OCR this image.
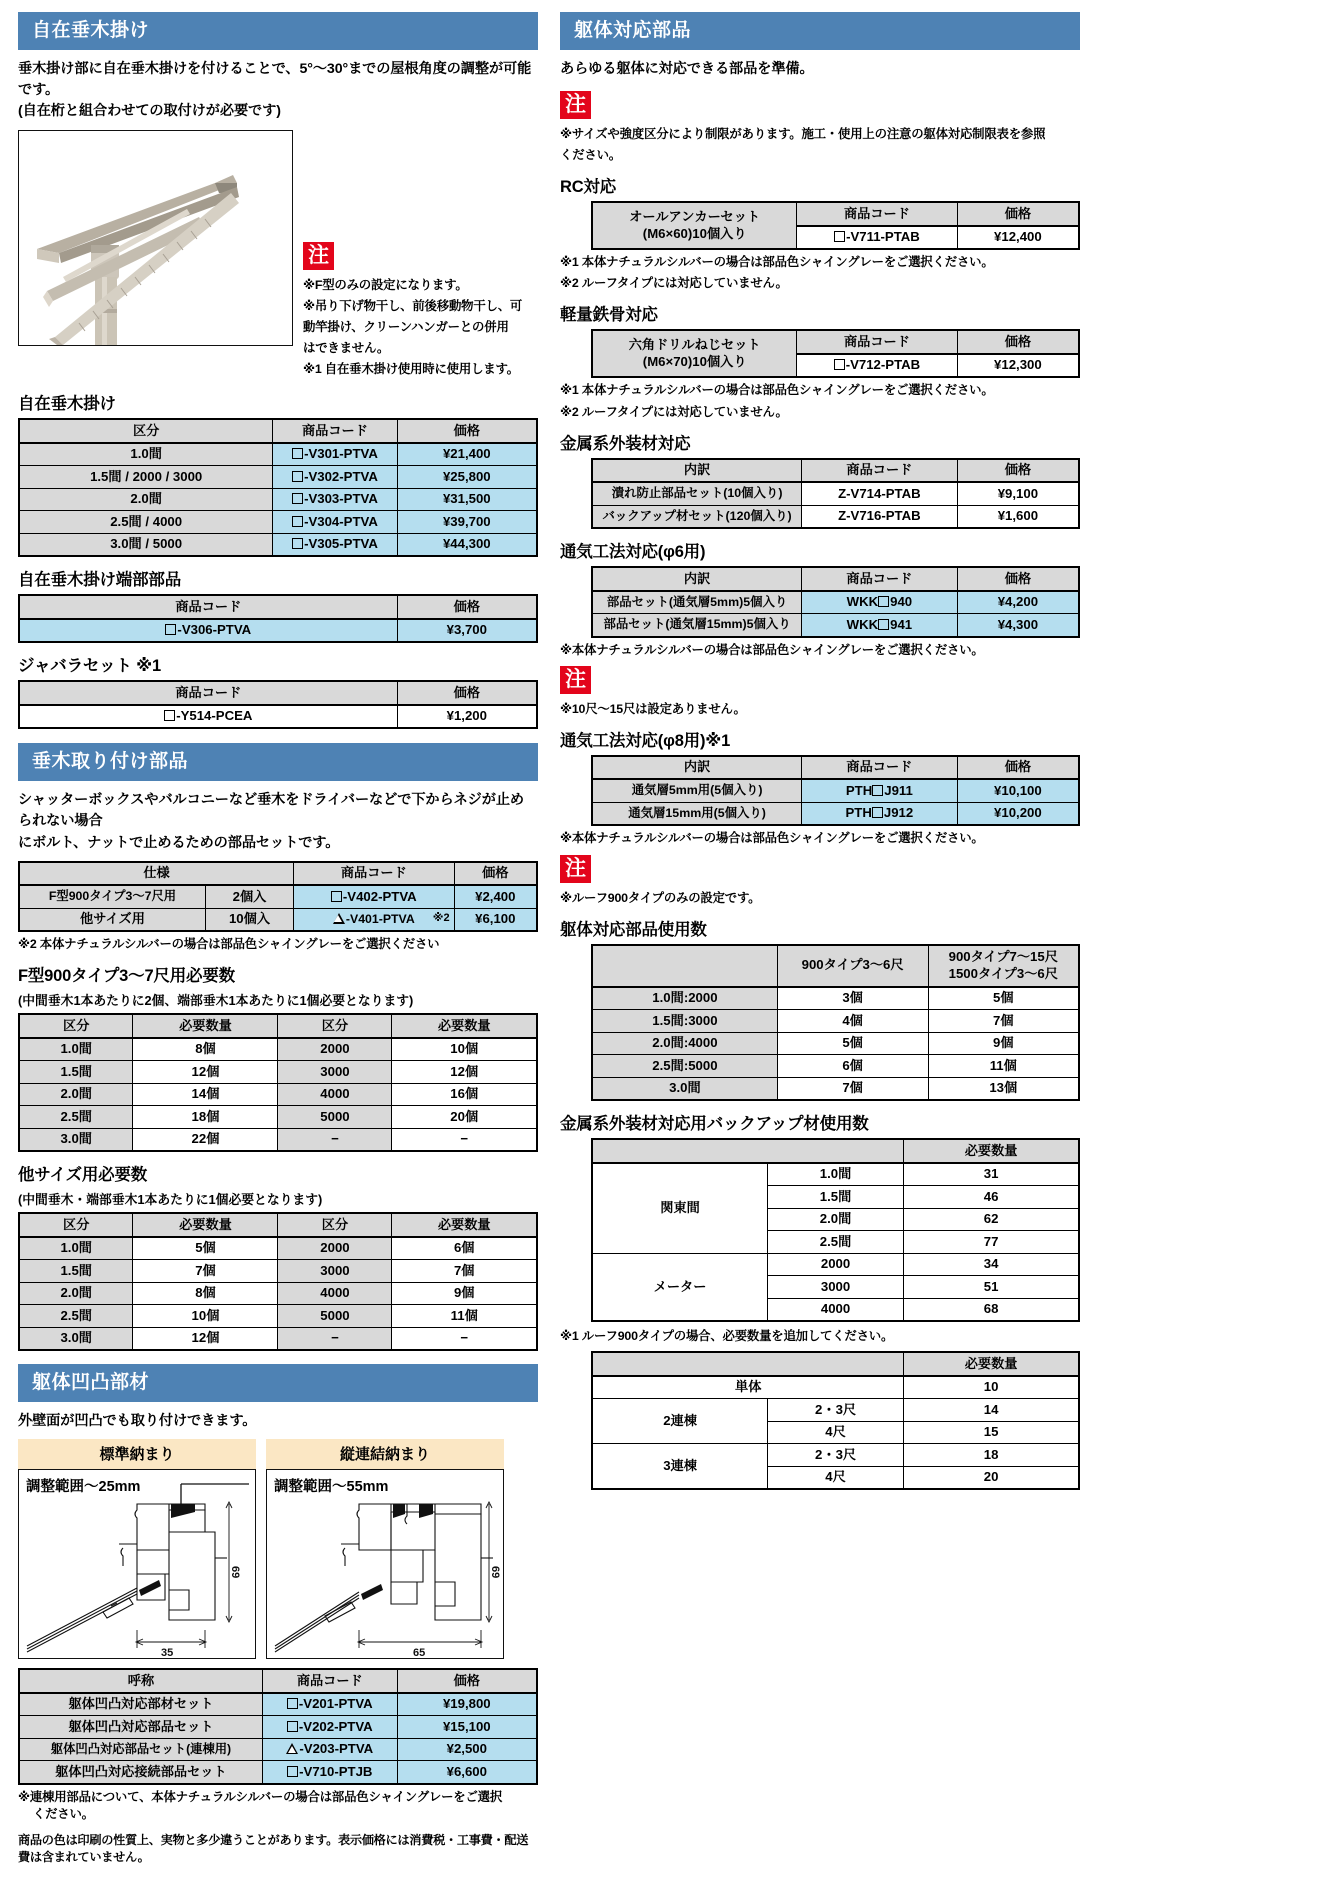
自在垂木掛け
垂木掛け部に自在垂木掛けを付けることで、5°〜30°までの屋根角度の調整が可能です。
(自在桁と組合わせての取付けが必要です)
注
※F型のみの設定になります。
※吊り下げ物干し、前後移動物干し、可
動竿掛け、クリーンハンガーとの併用
はできません。
※1 自在垂木掛け使用時に使用します。
自在垂木掛け
区分	商品コード	価格
1.0間	-V301-PTVA	¥21,400
1.5間 / 2000 / 3000	-V302-PTVA	¥25,800
2.0間	-V303-PTVA	¥31,500
2.5間 / 4000	-V304-PTVA	¥39,700
3.0間 / 5000	-V305-PTVA	¥44,300
自在垂木掛け端部部品
商品コード	価格
-V306-PTVA	¥3,700
ジャバラセット ※1
商品コード	価格
-Y514-PCEA	¥1,200
垂木取り付け部品
シャッターボックスやバルコニーなど垂木をドライバーなどで下からネジが止められない場合
にボルト、ナットで止めるための部品セットです。
仕様		商品コード	価格
F型900タイプ3〜7尺用	2個入	-V402-PTVA	¥2,400
他サイズ用	10個入	-V401-PTVA ※2	¥6,100
※2 本体ナチュラルシルバーの場合は部品色シャイングレーをご選択ください
F型900タイプ3〜7尺用必要数
(中間垂木1本あたりに2個、端部垂木1本あたりに1個必要となります)
区分	必要数量	区分	必要数量
1.0間	8個	2000	10個
1.5間	12個	3000	12個
2.0間	14個	4000	16個
2.5間	18個	5000	20個
3.0間	22個	−	−
他サイズ用必要数
(中間垂木・端部垂木1本あたりに1個必要となります)
区分	必要数量	区分	必要数量
1.0間	5個	2000	6個
1.5間	7個	3000	7個
2.0間	8個	4000	9個
2.5間	10個	5000	11個
3.0間	12個	−	−
躯体凹凸部材
外壁面が凹凸でも取り付けできます。
標準納まり
調整範囲〜25mm
69
35
縦連結納まり
調整範囲〜55mm
69
65
呼称	商品コード	価格
躯体凹凸対応部材セット	-V201-PTVA	¥19,800
躯体凹凸対応部品セット	-V202-PTVA	¥15,100
躯体凹凸対応部品セット(連棟用)	-V203-PTVA	¥2,500
躯体凹凸対応接続部品セット	-V710-PTJB	¥6,600
※連棟用部品について、本体ナチュラルシルバーの場合は部品色シャイングレーをご選択
ください。
商品の色は印刷の性質上、実物と多少違うことがあります。表示価格には消費税・工事費・配送費は含まれていません。
躯体対応部品
あらゆる躯体に対応できる部品を準備。
注
※サイズや強度区分により制限があります。施工・使用上の注意の躯体対応制限表を参照
ください。
RC対応
オールアンカーセット
(M6×60)10個入り	商品コード	価格
	-V711-PTAB	¥12,400
※1 本体ナチュラルシルバーの場合は部品色シャイングレーをご選択ください。
※2 ルーフタイプには対応していません。
軽量鉄骨対応
六角ドリルねじセット
(M6×70)10個入り	商品コード	価格
	-V712-PTAB	¥12,300
※1 本体ナチュラルシルバーの場合は部品色シャイングレーをご選択ください。
※2 ルーフタイプには対応していません。
金属系外装材対応
内訳	商品コード	価格
潰れ防止部品セット(10個入り)	Z-V714-PTAB	¥9,100
バックアップ材セット(120個入り)	Z-V716-PTAB	¥1,600
通気工法対応(φ6用)
内訳	商品コード	価格
部品セット(通気層5mm)5個入り	WKK 940	¥4,200
部品セット(通気層15mm)5個入り	WKK 941	¥4,300
※本体ナチュラルシルバーの場合は部品色シャイングレーをご選択ください。
注
※10尺〜15尺は設定ありません。
通気工法対応(φ8用)※1
内訳	商品コード	価格
通気層5mm用(5個入り)	PTH J911	¥10,100
通気層15mm用(5個入り)	PTH J912	¥10,200
※本体ナチュラルシルバーの場合は部品色シャイングレーをご選択ください。
注
※ルーフ900タイプのみの設定です。
躯体対応部品使用数
	900タイプ3〜6尺	900タイプ7〜15尺
1500タイプ3〜6尺
1.0間:2000	3個	5個
1.5間:3000	4個	7個
2.0間:4000	5個	9個
2.5間:5000	6個	11個
3.0間	7個	13個
金属系外装材対応用バックアップ材使用数
		必要数量
関東間	1.0間	31
	1.5間	46
	2.0間	62
	2.5間	77
メーター	2000	34
	3000	51
	4000	68
※1 ルーフ900タイプの場合、必要数量を追加してください。
		必要数量
単体		10
2連棟	2・3尺	14
	4尺	15
3連棟	2・3尺	18
	4尺	20
